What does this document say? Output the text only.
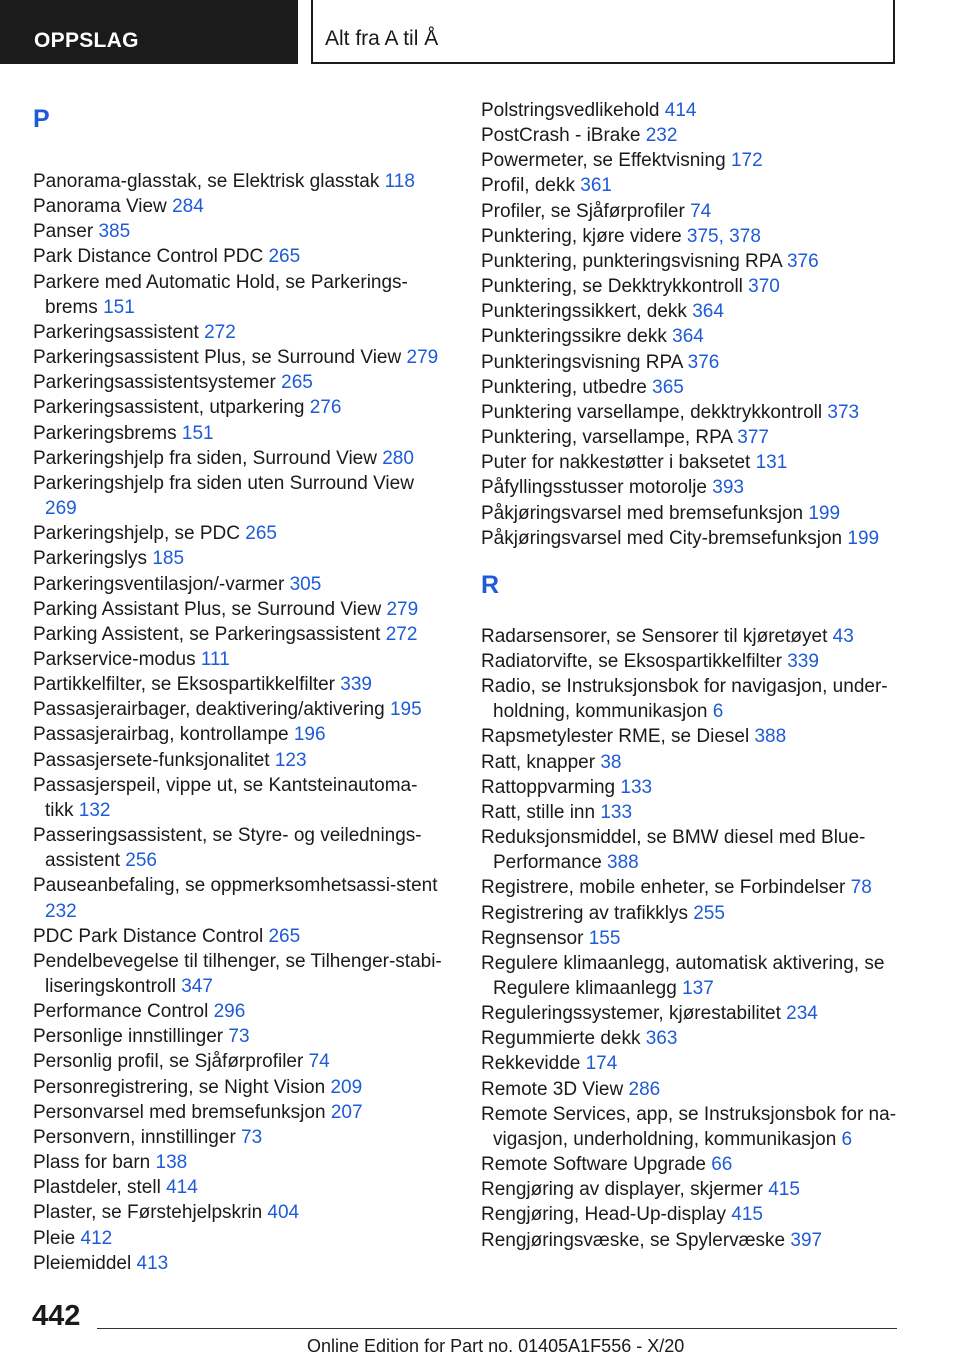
OPPSLAG	Alt fra A til Å
P
Panorama-glasstak, se Elektrisk glasstak 118
Panorama View 284
Panser 385
Park Distance Control PDC 265
Parkere med Automatic Hold, se Parkerings-brems 151
Parkeringsassistent 272
Parkeringsassistent Plus, se Surround View 279
Parkeringsassistentsystemer 265
Parkeringsassistent, utparkering 276
Parkeringsbrems 151
Parkeringshjelp fra siden, Surround View 280
Parkeringshjelp fra siden uten Surround View 269
Parkeringshjelp, se PDC 265
Parkeringslys 185
Parkeringsventilasjon/-varmer 305
Parking Assistant Plus, se Surround View 279
Parking Assistent, se Parkeringsassistent 272
Parkservice-modus 111
Partikkelfilter, se Eksospartikkelfilter 339
Passasjerairbager, deaktivering/aktivering 195
Passasjerairbag, kontrollampe 196
Passasjersete-funksjonalitet 123
Passasjerspeil, vippe ut, se Kantsteinautoma-tikk 132
Passeringsassistent, se Styre- og veilednings-assistent 256
Pauseanbefaling, se oppmerksomhetsassi-stent 232
PDC Park Distance Control 265
Pendelbevegelse til tilhenger, se Tilhenger-stabi-liseringskontroll 347
Performance Control 296
Personlige innstillinger 73
Personlig profil, se Sjåførprofiler 74
Personregistrering, se Night Vision 209
Personvarsel med bremsefunksjon 207
Personvern, innstillinger 73
Plass for barn 138
Plastdeler, stell 414
Plaster, se Førstehjelpskrin 404
Pleie 412
Pleiemiddel 413
Polstringsvedlikehold 414
PostCrash - iBrake 232
Powermeter, se Effektvisning 172
Profil, dekk 361
Profiler, se Sjåførprofiler 74
Punktering, kjøre videre 375, 378
Punktering, punkteringsvisning RPA 376
Punktering, se Dekktrykkontroll 370
Punkteringssikkert, dekk 364
Punkteringssikre dekk 364
Punkteringsvisning RPA 376
Punktering, utbedre 365
Punktering varsellampe, dekktrykkontroll 373
Punktering, varsellampe, RPA 377
Puter for nakkestøtter i baksetet 131
Påfyllingsstusser motorolje 393
Påkjøringsvarsel med bremsefunksjon 199
Påkjøringsvarsel med City-bremsefunksjon 199
R
Radarsensorer, se Sensorer til kjøretøyet 43
Radiatorvifte, se Eksospartikkelfilter 339
Radio, se Instruksjonsbok for navigasjon, under-holdning, kommunikasjon 6
Rapsmetylester RME, se Diesel 388
Ratt, knapper 38
Rattoppvarming 133
Ratt, stille inn 133
Reduksjonsmiddel, se BMW diesel med Blue-Performance 388
Registrere, mobile enheter, se Forbindelser 78
Registrering av trafikklys 255
Regnsensor 155
Regulere klimaanlegg, automatisk aktivering, se Regulere klimaanlegg 137
Reguleringssystemer, kjørestabilitet 234
Regummierte dekk 363
Rekkevidde 174
Remote 3D View 286
Remote Services, app, se Instruksjonsbok for na-vigasjon, underholdning, kommunikasjon 6
Remote Software Upgrade 66
Rengjøring av displayer, skjermer 415
Rengjøring, Head-Up-display 415
Rengjøringsvæske, se Spylervæske 397
442
Online Edition for Part no. 01405A1F556 - X/20
